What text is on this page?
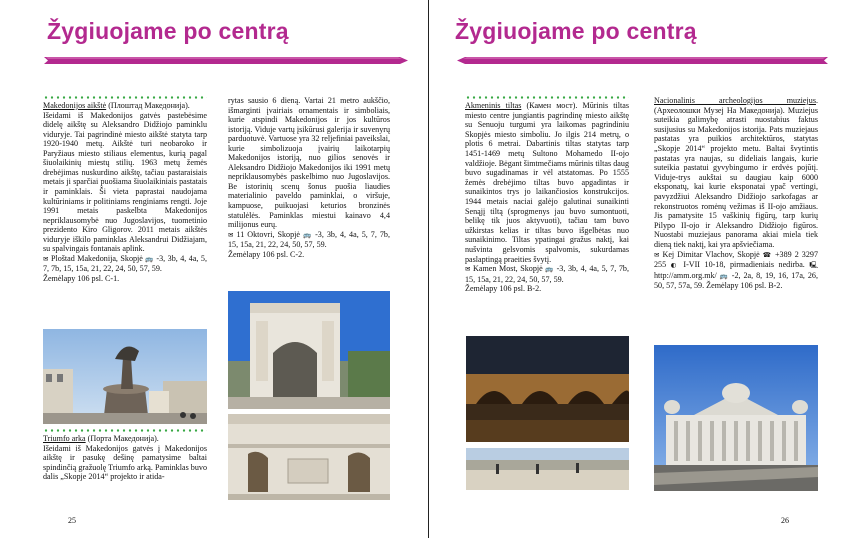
Žygiuojame po centrą

Makedonijos aikštė (Плоштад Македонија).

Išeidami iš Makedonijos gatvės pastebėsime didelę aikštę su Aleksandro Didžiojo paminklu viduryje. Tai pagrindinė miesto aikštė statyta tarp 1920-1940 metų. Aikštė turi neobaroko ir Paryžiaus miesto stiliaus elementus, kurią pagal šiuolaikinių miestų stilių. 1963 metų žemės drebėjimas nuskurdino aikštę, tačiau pastaraisiais metais ji sparčiai puošiama šiuolaikiniais pastatais ir paminklais. Ši vieta paprastai naudojama kultūriniams ir politiniams renginiams rengti. Joje 1991 metais paskelbta Makedonijos nepriklausomybė nuo Jugoslavijos, tuometinio prezidento Kiro Gligorov. 2011 metais aikštės viduryje iškilo paminklas Aleksandrui Didžiajam, su spalvingais fontanais aplink.

✉ Ploštad Makedonija, Skopjė 🚌 -3, 3b, 4, 4a, 5, 7, 7b, 15, 15a, 21, 22, 24, 50, 57, 59.

Žemėlapy 106 psl. C-1.

Triumfo arka (Порта Македонија).

Išeidami iš Makedonijos gatvės į Makedonijos aikštę ir pasukę dešinę pamatysime baltai spindinčią gražuolę Triumfo arką. Paminklas buvo dalis „Skopje 2014“ projekto ir atida-

rytas sausio 6 dieną. Vartai 21 metro aukščio, išmarginti įvairiais ornamentais ir simboliais, kurie atspindi Makedonijos ir jos kultūros istoriją. Viduje vartų įsikūrusi galerija ir suvenyrų parduotuvė. Vartuose yra 32 reljefiniai paveikslai, kurie simbolizuoja įvairių laikotarpių Makedonijos istoriją, nuo gilios senovės ir Aleksandro Didžiojo Makedonijos iki 1991 metų nepriklausomybės paskelbimo nuo Jugoslavijos. Be istorinių scenų šonus puošia liaudies materialinio paveldo paminklai, o viršuje, kampuose, puikuojasi keturios bronzinės statulėlės. Paminklas miestui kainavo 4,4 milijonus eurų.

✉ 11 Oktovri, Skopjė 🚌 -3, 3b, 4, 4a, 5, 7, 7b, 15, 15a, 21, 22, 24, 50, 57, 59.

Žemėlapy 106 psl. C-2.

25
Žygiuojame po centrą

Akmeninis tiltas (Камен мост). Mūrinis tiltas miesto centre jungiantis pagrindinę miesto aikštę su Senuoju turgumi yra laikomas pagrindiniu Skopjės miesto simboliu. Jo ilgis 214 metrų, o plotis 6 metrai. Dabartinis tiltas statytas tarp 1451-1469 metų Sultono Mohamedo II-ojo valdžioje. Bėgant šimtmečiams mūrinis tiltas daug buvo sugadinamas ir vėl atstatomas. Po 1555 žemės drebėjimo tiltas buvo apgadintas ir sunaikintos trys jo laikančiosios konstrukcijos. 1944 metais naciai galėjo galutinai sunaikinti Senąjį tiltą (sprogmenys jau buvo sumontuoti, belikę tik juos aktyvuoti), tačiau tam buvo užkirstas kelias ir tiltas buvo išgelbėtas nuo sunaikinimo. Tiltas ypatingai gražus naktį, kai nušvinta gelsvomis spalvomis, sukurdamas paslaptingą praeities švytį.

✉ Kamen Most, Skopjė 🚌 -3, 3b, 4, 4a, 5, 7, 7b, 15, 15a, 21, 22, 24, 50, 57, 59.

Žemėlapy 106 psl. B-2.

Nacionalinis archeologijos muziejus. (Археолошки Музеј На Македонија). Muziejus suteikia galimybę atrasti nuostabius faktus susijusius su Makedonijos istorija. Pats muziejaus pastatas yra puikios architektūros, statytas „Skopje 2014“ projekto metu. Baltai švytintis pastatas yra naujas, su dideliais langais, kurie suteikia pastatui gyvybingumo ir erdvės pojūtį. Viduje-trys aukštai su daugiau kaip 6000 eksponatų, kai kurie eksponatai ypač vertingi, pavyzdžiui Aleksandro Didžiojo sarkofagas ar rekonstruotos romėnų vežimas iš II-ojo amžiaus. Jis pamatysite 15 vaškinių figūrų, tarp kurių Pilypo II-ojo ir Aleksandro Didžiojo figūros. Nuostabi muziejaus panorama akiai miela tiek dieną tiek naktį, kai yra apšviečiama.

✉ Kej Dimitar Vlachov, Skopjė ☎ +389 2 3297 255 ◐ I-VII 10-18, pirmadieniais nedirba. 🖳 http://amm.org.mk/ 🚌 -2, 2a, 8, 19, 16, 17a, 26, 50, 57, 57a, 59. Žemėlapy 106 psl. B-2.

26
